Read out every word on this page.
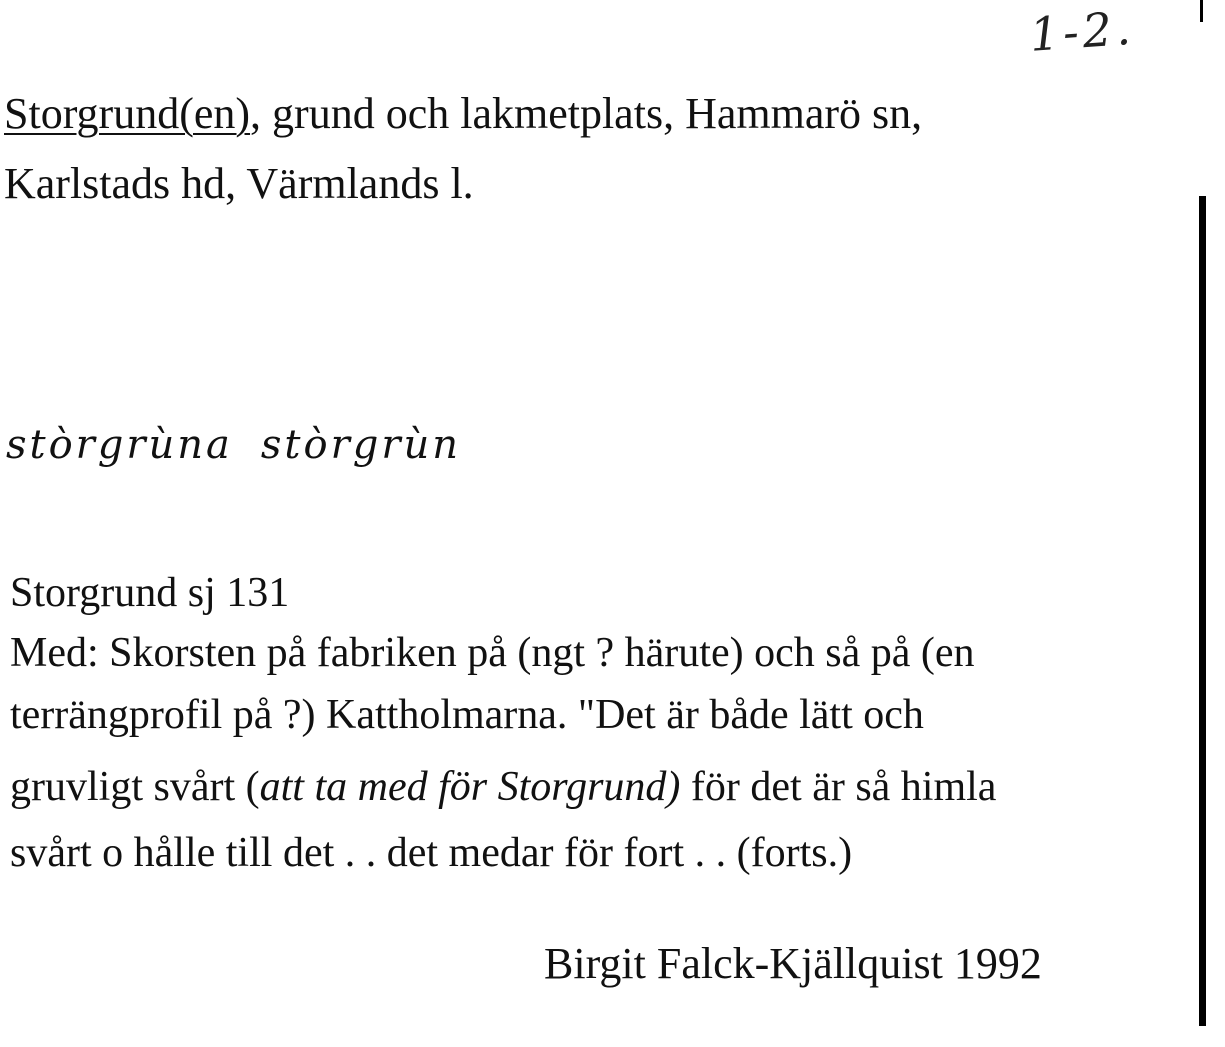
1-2.
Storgrund(en), grund och lakmetplats, Hammarö sn,
Karlstads hd, Värmlands l.
stòrgrùna stòrgrùn
Storgrund sj 131
Med: Skorsten på fabriken på (ngt ? härute) och så på (en
terrängprofil på ?) Kattholmarna. "Det är både lätt och
gruvligt svårt (att ta med för Storgrund) för det är så himla
svårt o hålle till det . . det medar för fort . . (forts.)
Birgit Falck-Kjällquist 1992
